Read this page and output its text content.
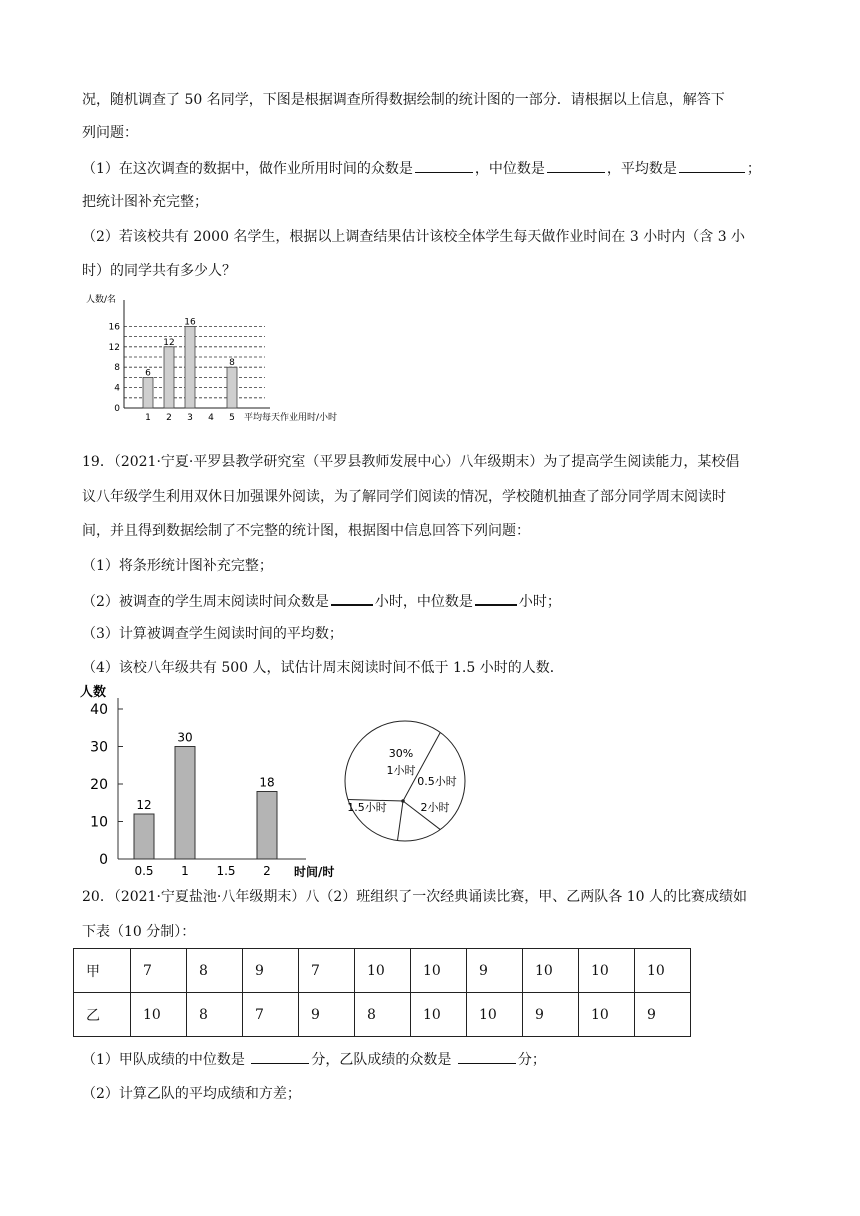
况，随机调查了 50 名同学，下图是根据调查所得数据绘制的统计图的一部分．请根据以上信息，解答下
列问题：
（1）在这次调查的数据中，做作业所用时间的众数是	，中位数是	，平均数是	；
把统计图补充完整；
（2）若该校共有 2000 名学生，根据以上调查结果估计该校全体学生每天做作业时间在 3 小时内（含 3 小
时）的同学共有多少人？
人数/名
0
4
8
12
16
1
6
2
12
3
16
4 5
8
平均每天作业用时/小时
19．（2021·宁夏·平罗县教学研究室（平罗县教师发展中心）八年级期末）为了提高学生阅读能力，某校倡
议八年级学生利用双休日加强课外阅读，为了解同学们阅读的情况，学校随机抽查了部分同学周末阅读时
间，并且得到数据绘制了不完整的统计图，根据图中信息回答下列问题：
（1）将条形统计图补充完整；
（2）被调查的学生周末阅读时间众数是	小时，中位数是	小时；
（3）计算被调查学生阅读时间的平均数；
（4）该校八年级共有 500 人，试估计周末阅读时间不低于 1.5 小时的人数．
人数
0
10
20
30
40
0.5
12
1
30
1.5 2
18
时间/时
30%
1小时
0.5小时
2小时
1.5小时
20．（2021·宁夏盐池·八年级期末）八（2）班组织了一次经典诵读比赛，甲、乙两队各 10 人的比赛成绩如
下表（10 分制）：
甲	7	8	9	7	10	10	9	10	10	10
乙	10	8	7	9	8	10	10	9	10	9
（1）甲队成绩的中位数是	分，乙队成绩的众数是	分；
（2）计算乙队的平均成绩和方差；
